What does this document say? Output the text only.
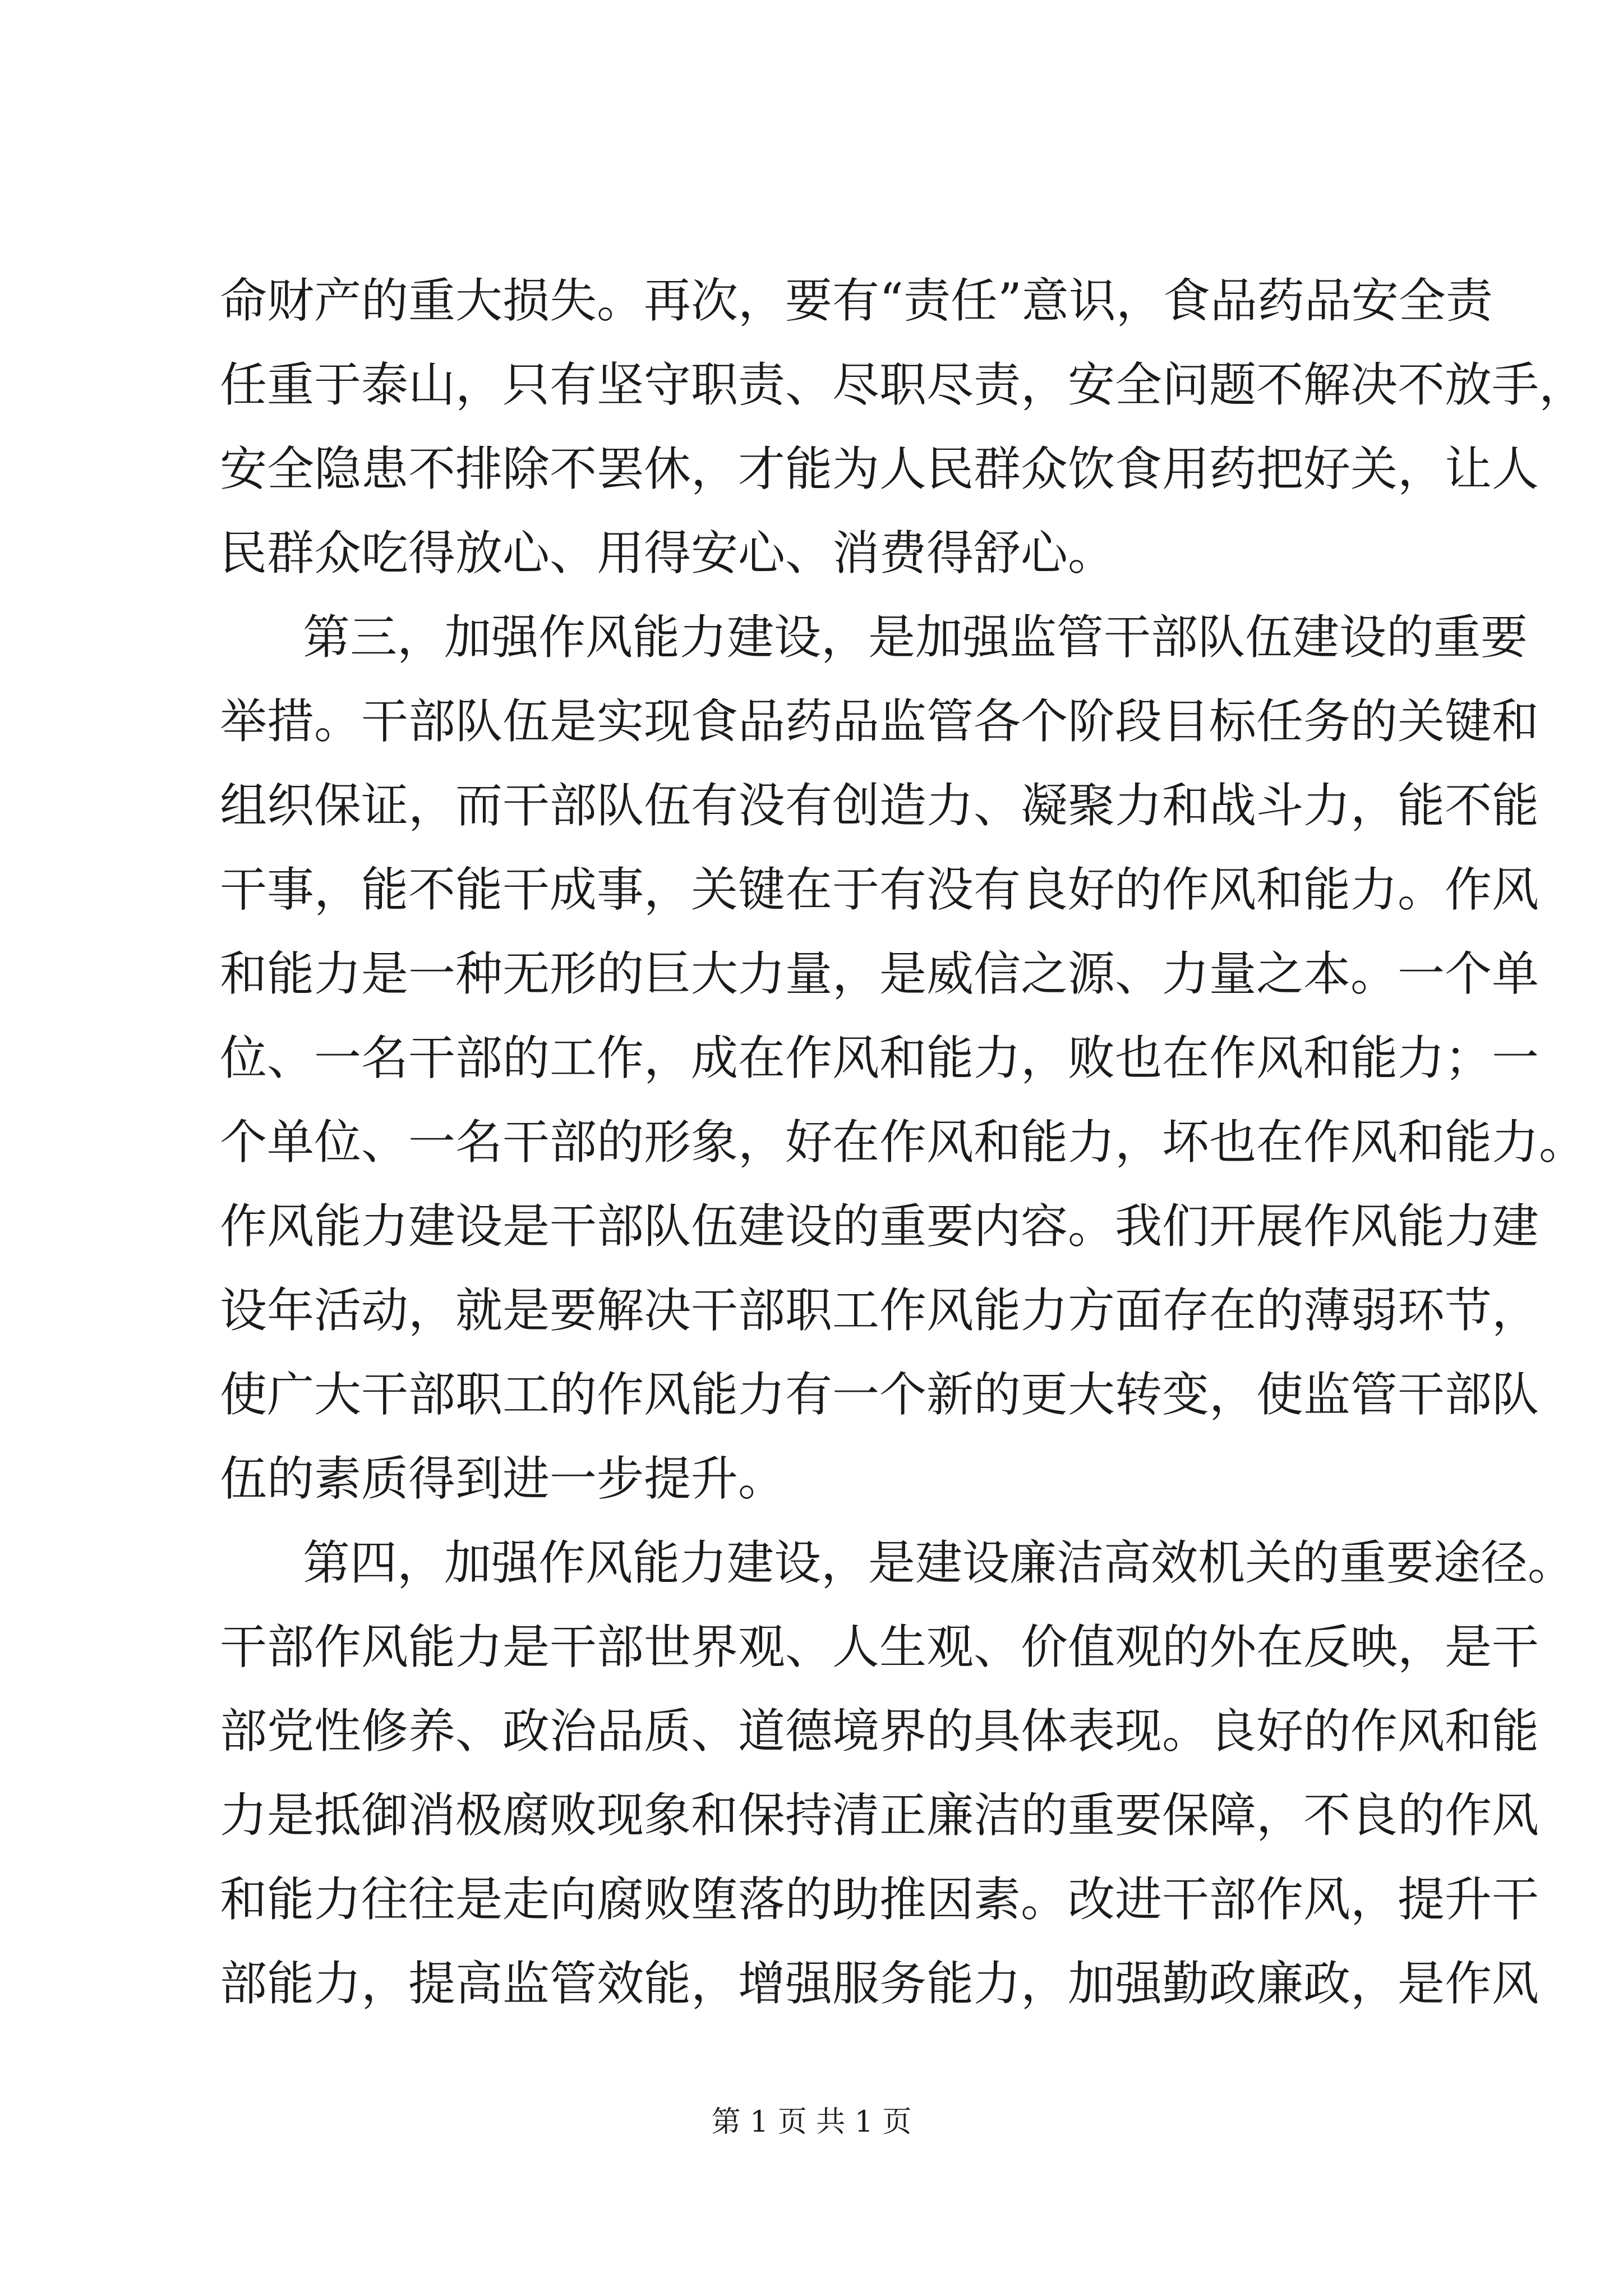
命财产的重大损失。再次，要有“责任”意识，食品药品安全责
任重于泰山，只有坚守职责、尽职尽责，安全问题不解决不放手，
安全隐患不排除不罢休，才能为人民群众饮食用药把好关，让人
民群众吃得放心、用得安心、消费得舒心。
第三，加强作风能力建设，是加强监管干部队伍建设的重要
举措。干部队伍是实现食品药品监管各个阶段目标任务的关键和
组织保证，而干部队伍有没有创造力、凝聚力和战斗力，能不能
干事，能不能干成事，关键在于有没有良好的作风和能力。作风
和能力是一种无形的巨大力量，是威信之源、力量之本。一个单
位、一名干部的工作，成在作风和能力，败也在作风和能力；一
个单位、一名干部的形象，好在作风和能力，坏也在作风和能力。
作风能力建设是干部队伍建设的重要内容。我们开展作风能力建
设年活动，就是要解决干部职工作风能力方面存在的薄弱环节，
使广大干部职工的作风能力有一个新的更大转变，使监管干部队
伍的素质得到进一步提升。
第四，加强作风能力建设，是建设廉洁高效机关的重要途径。
干部作风能力是干部世界观、人生观、价值观的外在反映，是干
部党性修养、政治品质、道德境界的具体表现。良好的作风和能
力是抵御消极腐败现象和保持清正廉洁的重要保障，不良的作风
和能力往往是走向腐败堕落的助推因素。改进干部作风，提升干
部能力，提高监管效能，增强服务能力，加强勤政廉政，是作风
第 1 页 共 1 页
